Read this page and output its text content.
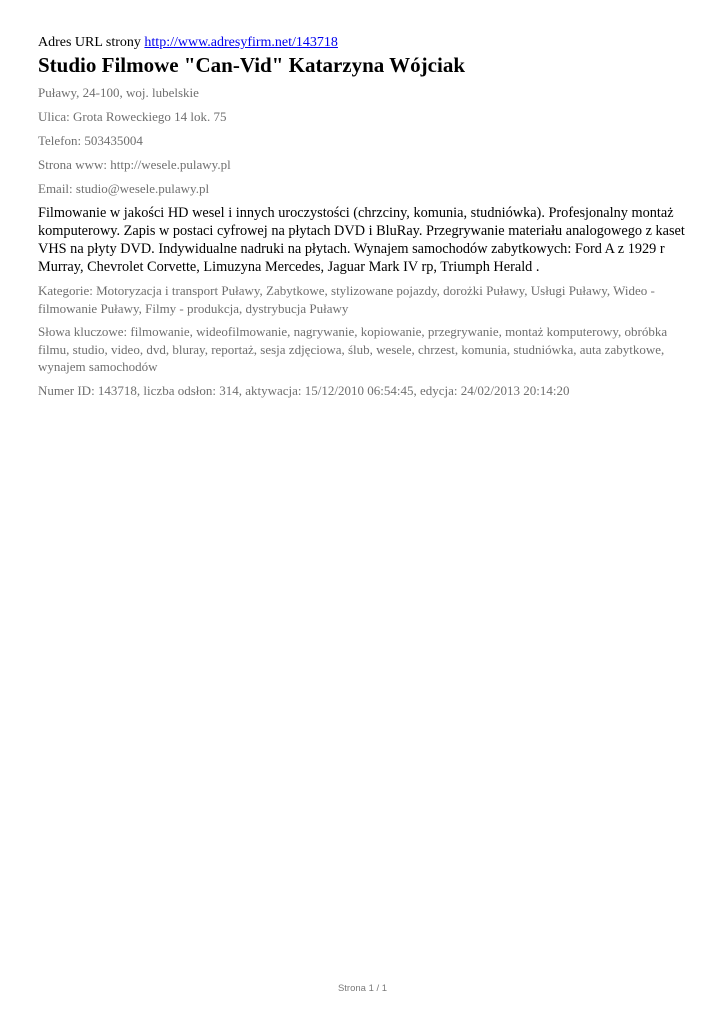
Adres URL strony http://www.adresyfirm.net/143718
Studio Filmowe "Can-Vid" Katarzyna Wójciak
Puławy, 24-100, woj. lubelskie
Ulica: Grota Roweckiego 14 lok. 75
Telefon: 503435004
Strona www: http://wesele.pulawy.pl
Email: studio@wesele.pulawy.pl
Filmowanie w jakości HD wesel i innych uroczystości (chrzciny, komunia, studniówka). Profesjonalny montaż komputerowy. Zapis w postaci cyfrowej na płytach DVD i BluRay. Przegrywanie materiału analogowego z kaset VHS na płyty DVD. Indywidualne nadruki na płytach. Wynajem samochodów zabytkowych: Ford A z 1929 r Murray, Chevrolet Corvette, Limuzyna Mercedes, Jaguar Mark IV rp, Triumph Herald .
Kategorie: Motoryzacja i transport Puławy, Zabytkowe, stylizowane pojazdy, dorożki Puławy, Usługi Puławy, Wideo - filmowanie Puławy, Filmy - produkcja, dystrybucja Puławy
Słowa kluczowe: filmowanie, wideofilmowanie, nagrywanie, kopiowanie, przegrywanie, montaż komputerowy, obróbka filmu, studio, video, dvd, bluray, reportaż, sesja zdjęciowa, ślub, wesele, chrzest, komunia, studniówka, auta zabytkowe, wynajem samochodów
Numer ID: 143718, liczba odsłon: 314, aktywacja: 15/12/2010 06:54:45, edycja: 24/02/2013 20:14:20
Strona 1 / 1
